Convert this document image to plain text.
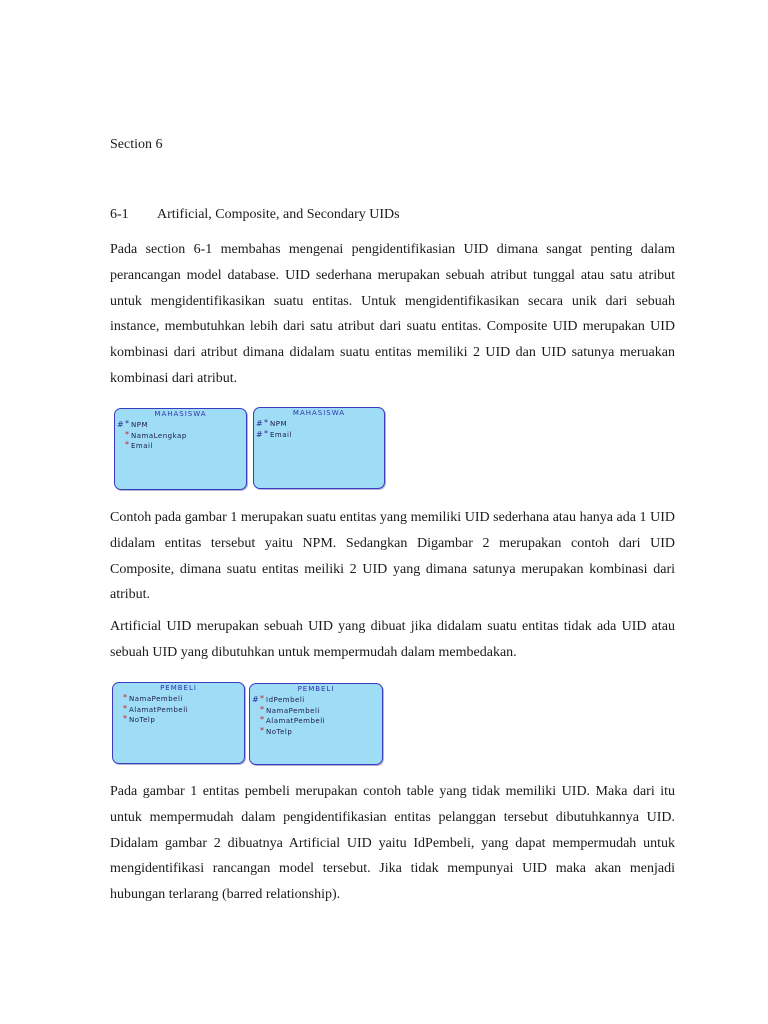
Section 6
6-1 Artificial, Composite, and Secondary UIDs

Pada section 6-1 membahas mengenai pengidentifikasian UID dimana sangat penting dalam perancangan model database. UID sederhana merupakan sebuah atribut tunggal atau satu atribut untuk mengidentifikasikan suatu entitas. Untuk mengidentifikasikan secara unik dari sebuah instance, membutuhkan lebih dari satu atribut dari suatu entitas. Composite UID merupakan UID kombinasi dari atribut dimana didalam suatu entitas memiliki 2 UID dan UID satunya meruakan kombinasi dari atribut.

MAHASISWA
# * NPM
* NamaLengkap
* Email
MAHASISWA
# * NPM
# * Email

Contoh pada gambar 1 merupakan suatu entitas yang memiliki UID sederhana atau hanya ada 1 UID didalam entitas tersebut yaitu NPM. Sedangkan Digambar 2 merupakan contoh dari UID Composite, dimana suatu entitas meiliki 2 UID yang dimana satunya merupakan kombinasi dari atribut.

Artificial UID merupakan sebuah UID yang dibuat jika didalam suatu entitas tidak ada UID atau sebuah UID yang dibutuhkan untuk mempermudah dalam membedakan.

PEMBELI
* NamaPembeli
* AlamatPembeli
* NoTelp
PEMBELI
# * IdPembeli
* NamaPembeli
* AlamatPembeli
* NoTelp

Pada gambar 1 entitas pembeli merupakan contoh table yang tidak memiliki UID. Maka dari itu untuk mempermudah dalam pengidentifikasian entitas pelanggan tersebut dibutuhkannya UID. Didalam gambar 2 dibuatnya Artificial UID yaitu IdPembeli, yang dapat mempermudah untuk mengidentifikasi rancangan model tersebut. Jika tidak mempunyai UID maka akan menjadi hubungan terlarang (barred relationship).
